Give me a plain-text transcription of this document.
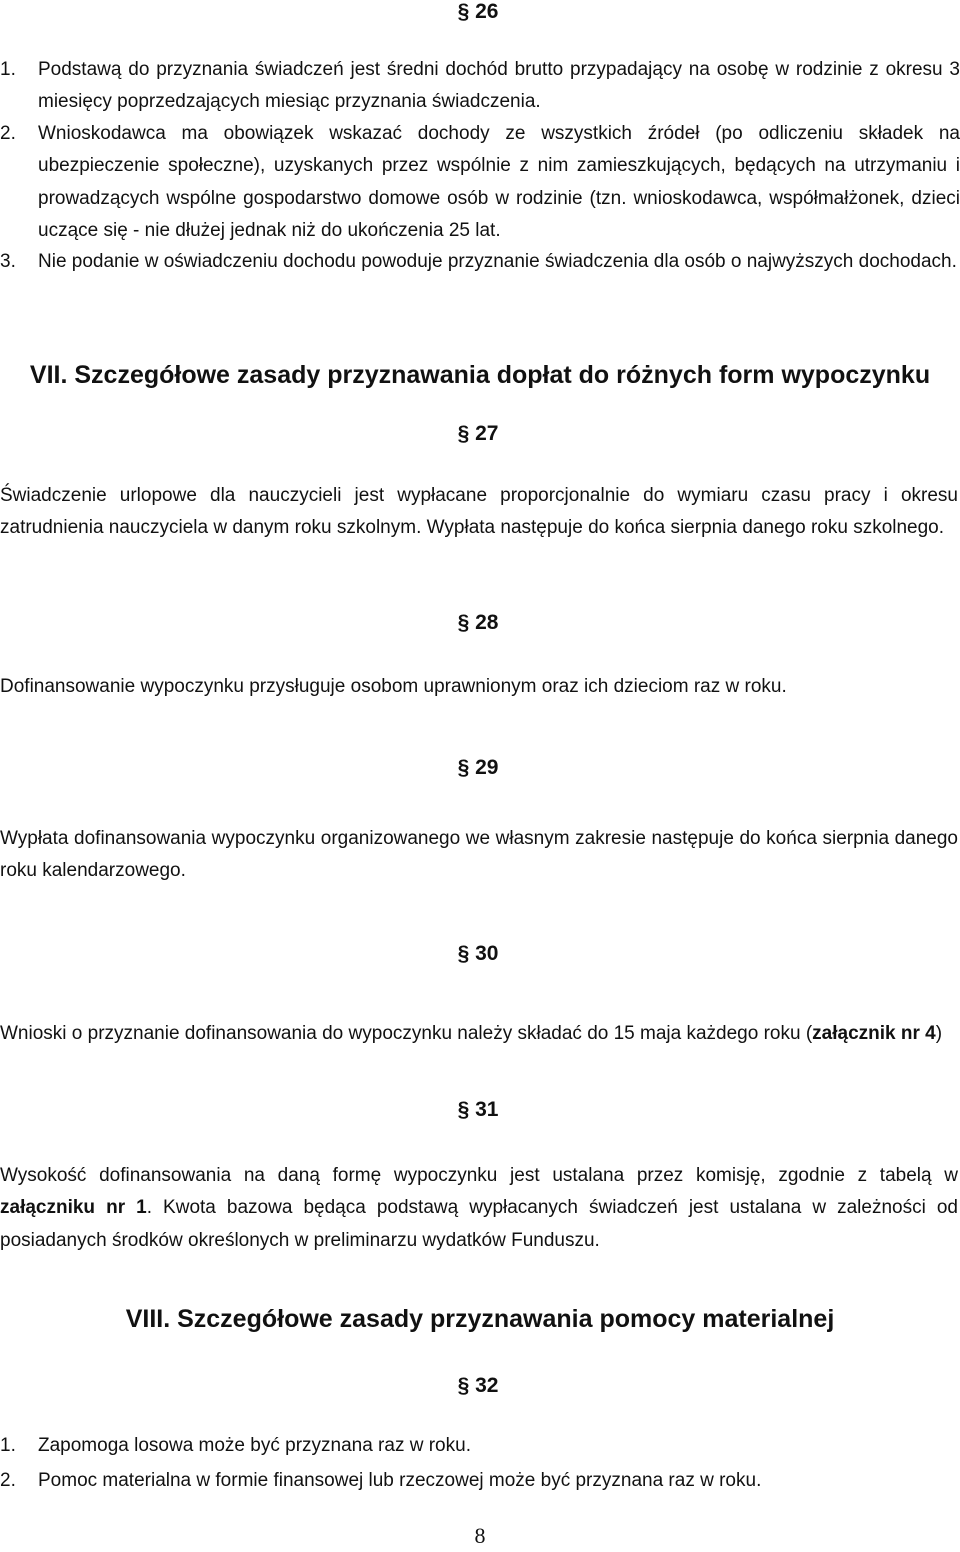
§ 26
1.	Podstawą do przyznania świadczeń jest średni dochód brutto przypadający na osobę w rodzinie z okresu 3 miesięcy poprzedzających miesiąc przyznania świadczenia.

2.	Wnioskodawca ma obowiązek wskazać dochody ze wszystkich źródeł (po odliczeniu składek na ubezpieczenie społeczne), uzyskanych przez wspólnie z nim zamieszkujących, będących na utrzymaniu i prowadzących wspólne gospodarstwo domowe osób w rodzinie (tzn. wnioskodawca, współmałżonek, dzieci uczące się - nie dłużej jednak niż do ukończenia 25 lat.

3.	Nie podanie w oświadczeniu dochodu powoduje przyznanie świadczenia dla osób o najwyższych dochodach.

VII. Szczegółowe zasady przyznawania dopłat do różnych form wypoczynku
§ 27

Świadczenie urlopowe dla nauczycieli jest wypłacane proporcjonalnie do wymiaru czasu pracy i okresu zatrudnienia nauczyciela w danym roku szkolnym. Wypłata następuje do końca sierpnia danego roku szkolnego.

§ 28

Dofinansowanie wypoczynku przysługuje osobom uprawnionym oraz ich dzieciom raz w roku.

§ 29

Wypłata dofinansowania wypoczynku organizowanego we własnym zakresie następuje do końca sierpnia danego roku kalendarzowego.

§ 30

Wnioski o przyznanie dofinansowania do wypoczynku należy składać do 15 maja każdego roku (załącznik nr 4)

§ 31

Wysokość dofinansowania na daną formę wypoczynku jest ustalana przez komisję, zgodnie z tabelą w załączniku nr 1. Kwota bazowa będąca podstawą wypłacanych świadczeń jest ustalana w zależności od posiadanych środków określonych w preliminarzu wydatków Funduszu.

VIII. Szczegółowe zasady przyznawania pomocy materialnej
§ 32
1.	Zapomoga losowa może być przyznana raz w roku.

2.	Pomoc materialna w formie finansowej lub rzeczowej może być przyznana raz w roku.

8
